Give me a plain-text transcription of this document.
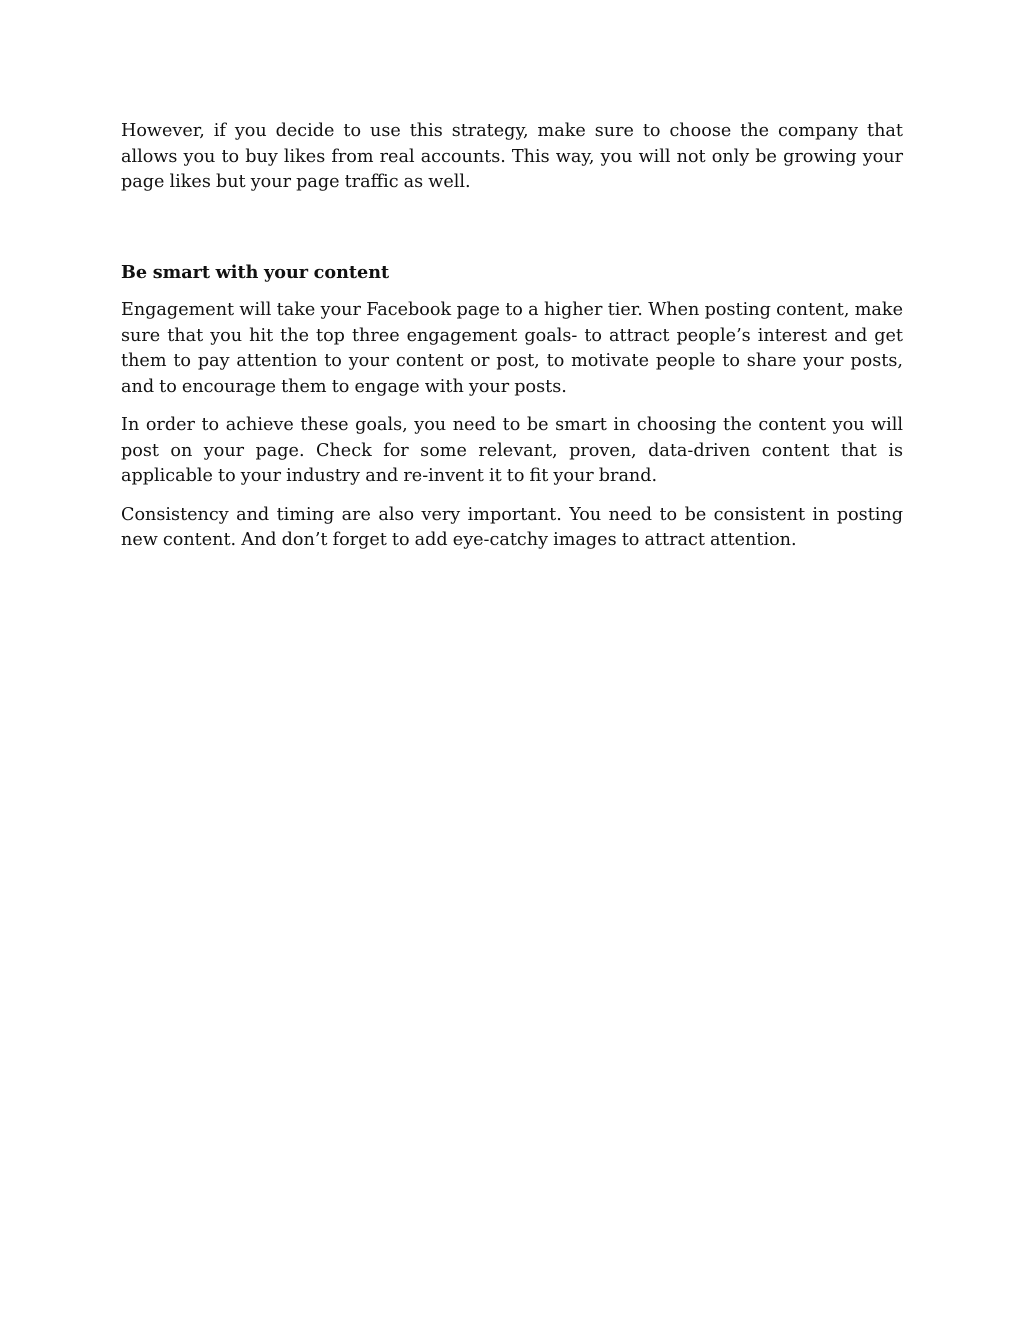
However, if you decide to use this strategy, make sure to choose the company that allows you to buy likes from real accounts. This way, you will not only be growing your page likes but your page traffic as well.

Be smart with your content

Engagement will take your Facebook page to a higher tier. When posting content, make sure that you hit the top three engagement goals- to attract people’s interest and get them to pay attention to your content or post, to motivate people to share your posts, and to encourage them to engage with your posts.

In order to achieve these goals, you need to be smart in choosing the content you will post on your page. Check for some relevant, proven, data-driven content that is applicable to your industry and re-invent it to fit your brand.

Consistency and timing are also very important. You need to be consistent in posting new content. And don’t forget to add eye-catchy images to attract attention.
